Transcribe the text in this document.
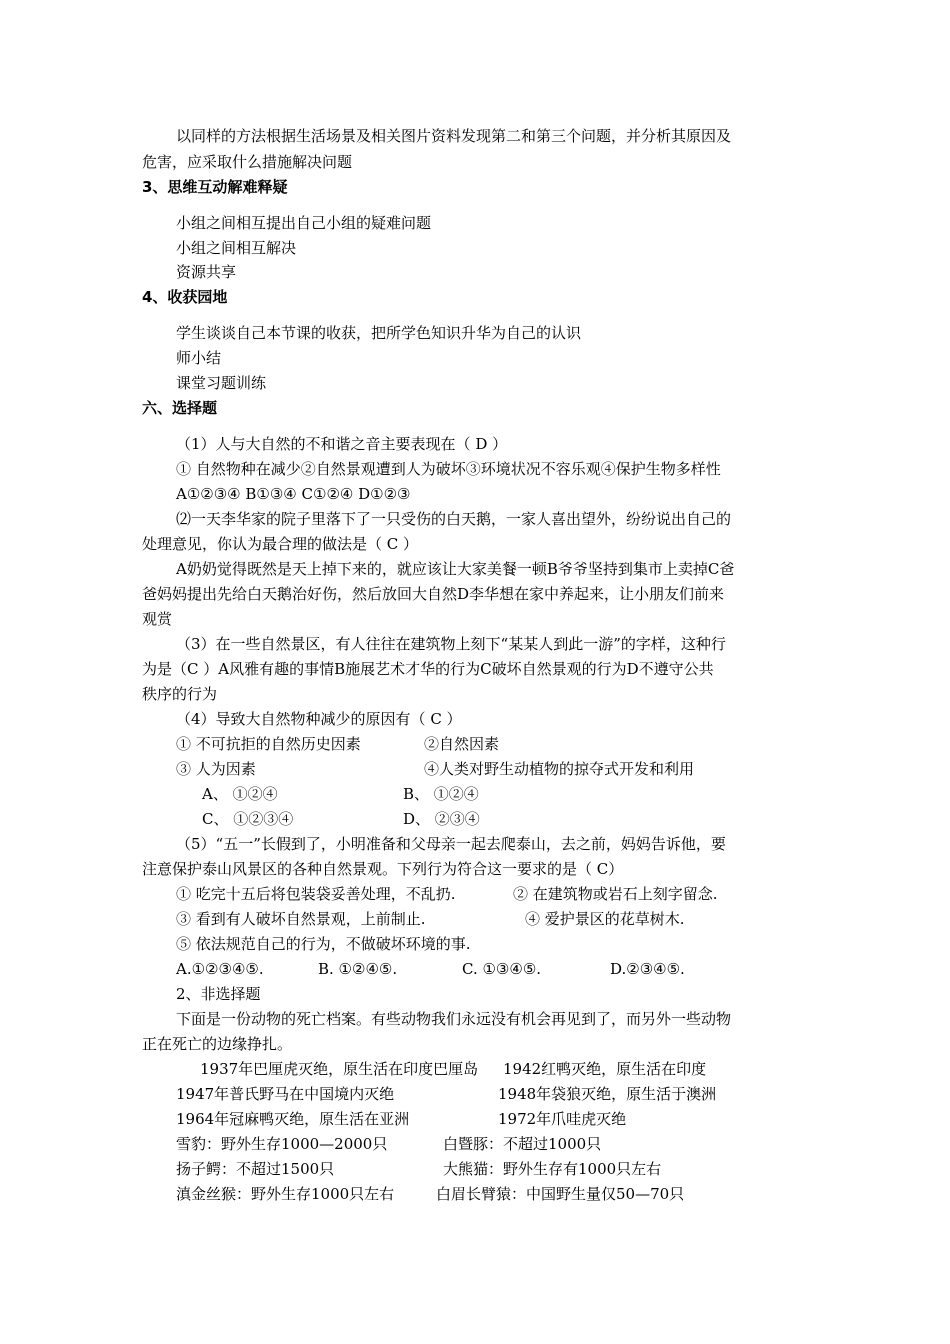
以同样的方法根据生活场景及相关图片资料发现第二和第三个问题，并分析其原因及
危害，应采取什么措施解决问题
3、思维互动解难释疑
小组之间相互提出自己小组的疑难问题
小组之间相互解决
资源共享
4、收获园地
学生谈谈自己本节课的收获，把所学色知识升华为自己的认识
师小结
课堂习题训练
六、选择题
（1）人与大自然的不和谐之音主要表现在（ D ）
① 自然物种在减少②自然景观遭到人为破坏③环境状况不容乐观④保护生物多样性
A①②③④ B①③④ C①②④ D①②③
⑵一天李华家的院子里落下了一只受伤的白天鹅，一家人喜出望外，纷纷说出自己的
处理意见，你认为最合理的做法是（ C ）
A奶奶觉得既然是天上掉下来的，就应该让大家美餐一顿B爷爷坚持到集市上卖掉C爸
爸妈妈提出先给白天鹅治好伤，然后放回大自然D李华想在家中养起来，让小朋友们前来
观赏
（3）在一些自然景区，有人往往在建筑物上刻下“某某人到此一游”的字样，这种行
为是（C ）A风雅有趣的事情B施展艺术才华的行为C破坏自然景观的行为D不遵守公共
秩序的行为
（4）导致大自然物种减少的原因有（ C ）
① 不可抗拒的自然历史因素	②自然因素
③ 人为因素	④人类对野生动植物的掠夺式开发和利用
A、 ①②④	B、 ①②④
C、 ①②③④	D、 ②③④
（5）“五一”长假到了，小明准备和父母亲一起去爬泰山，去之前，妈妈告诉他，要
注意保护泰山风景区的各种自然景观。下列行为符合这一要求的是（ C）
① 吃完十五后将包装袋妥善处理，不乱扔.	② 在建筑物或岩石上刻字留念.
③ 看到有人破坏自然景观，上前制止.	④ 爱护景区的花草树木.
⑤ 依法规范自己的行为，不做破坏环境的事.
A.①②③④⑤.	B. ①②④⑤.	C. ①③④⑤.	D.②③④⑤.
2、非选择题
下面是一份动物的死亡档案。有些动物我们永远没有机会再见到了，而另外一些动物
正在死亡的边缘挣扎。
1937年巴厘虎灭绝，原生活在印度巴厘岛 1942红鸭灭绝，原生活在印度
1947年普氏野马在中国境内灭绝	1948年袋狼灭绝，原生活于澳洲
1964年冠麻鸭灭绝，原生活在亚洲	1972年爪哇虎灭绝
雪豹：野外生存1000—2000只	白暨豚：不超过1000只
扬子鳄：不超过1500只	大熊猫：野外生存有1000只左右
滇金丝猴：野外生存1000只左右	白眉长臂猿：中国野生量仅50—70只
